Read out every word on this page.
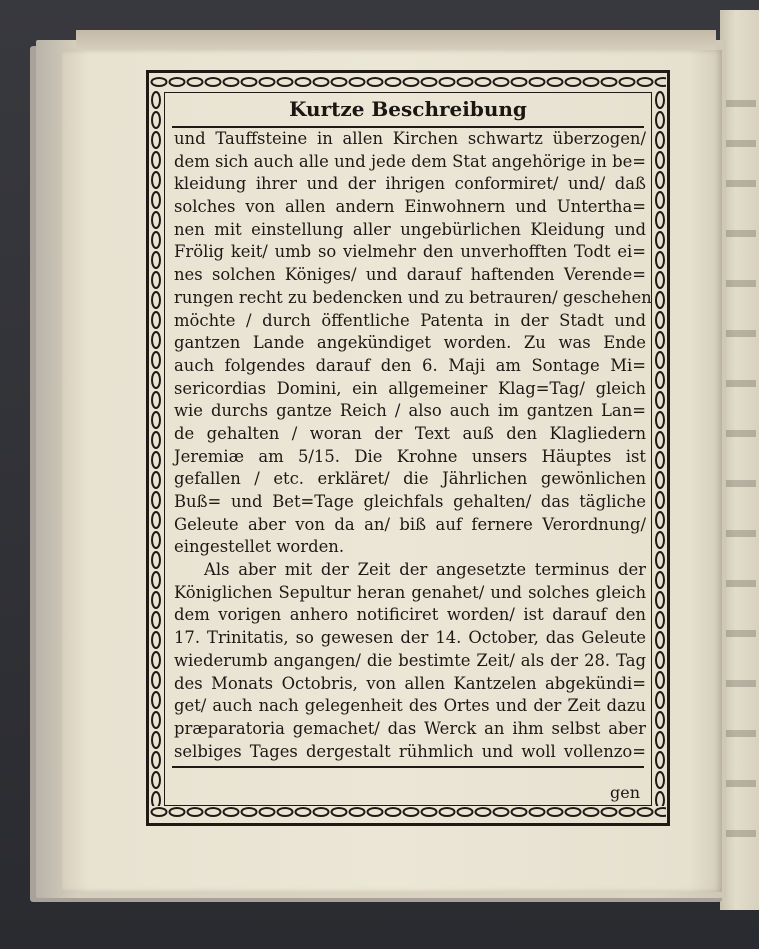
Kurtze Beschreibung
und Tauffsteine in allen Kirchen schwartz überzogen/
dem sich auch alle und jede dem Stat angehörige in be=
kleidung ihrer und der ihrigen conformiret/ und/ daß
solches von allen andern Einwohnern und Untertha=
nen mit einstellung aller ungebürlichen Kleidung und
Frölig keit/ umb so vielmehr den unverhofften Todt ei=
nes solchen Königes/ und darauf haftenden Verende=
rungen recht zu bedencken und zu betrauren/ geschehen
möchte / durch öffentliche Patenta in der Stadt und
gantzen Lande angekündiget worden. Zu was Ende
auch folgendes darauf den 6. Maji am Sontage Mi=
sericordias Domini, ein allgemeiner Klag=Tag/ gleich
wie durchs gantze Reich / also auch im gantzen Lan=
de gehalten / woran der Text auß den Klagliedern
Jeremiæ am 5/15. Die Krohne unsers Häuptes ist
gefallen / etc. erkläret/ die Jährlichen gewönlichen
Buß= und Bet=Tage gleichfals gehalten/ das tägliche
Geleute aber von da an/ biß auf fernere Verordnung/
eingestellet worden.
Als aber mit der Zeit der angesetzte terminus der
Königlichen Sepultur heran genahet/ und solches gleich
dem vorigen anhero notificiret worden/ ist darauf den
17. Trinitatis, so gewesen der 14. October, das Geleute
wiederumb angangen/ die bestimte Zeit/ als der 28. Tag
des Monats Octobris, von allen Kantzelen abgekündi=
get/ auch nach gelegenheit des Ortes und der Zeit dazu
præparatoria gemachet/ das Werck an ihm selbst aber
selbiges Tages dergestalt rühmlich und woll vollenzo=
gen
